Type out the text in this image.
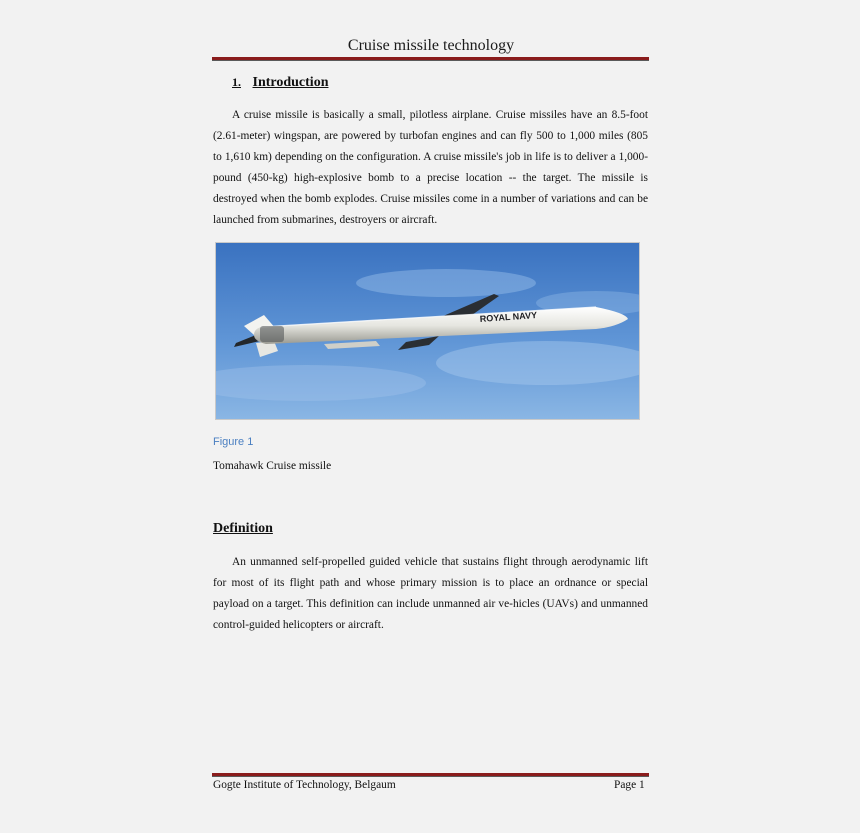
Cruise missile technology
1. Introduction

A cruise missile is basically a small, pilotless airplane. Cruise missiles have an 8.5-foot (2.61-meter) wingspan, are powered by turbofan engines and can fly 500 to 1,000 miles (805 to 1,610 km) depending on the configuration. A cruise missile's job in life is to deliver a 1,000-pound (450-kg) high-explosive bomb to a precise location -- the target. The missile is destroyed when the bomb explodes. Cruise missiles come in a number of variations and can be launched from submarines, destroyers or aircraft.

ROYAL NAVY
Figure 1
Tomahawk Cruise missile
Definition

An unmanned self-propelled guided vehicle that sustains flight through aerodynamic lift for most of its flight path and whose primary mission is to place an ordnance or special payload on a target. This definition can include unmanned air ve-hicles (UAVs) and unmanned control-guided helicopters or aircraft.

Gogte Institute of Technology, Belgaum	Page 1
